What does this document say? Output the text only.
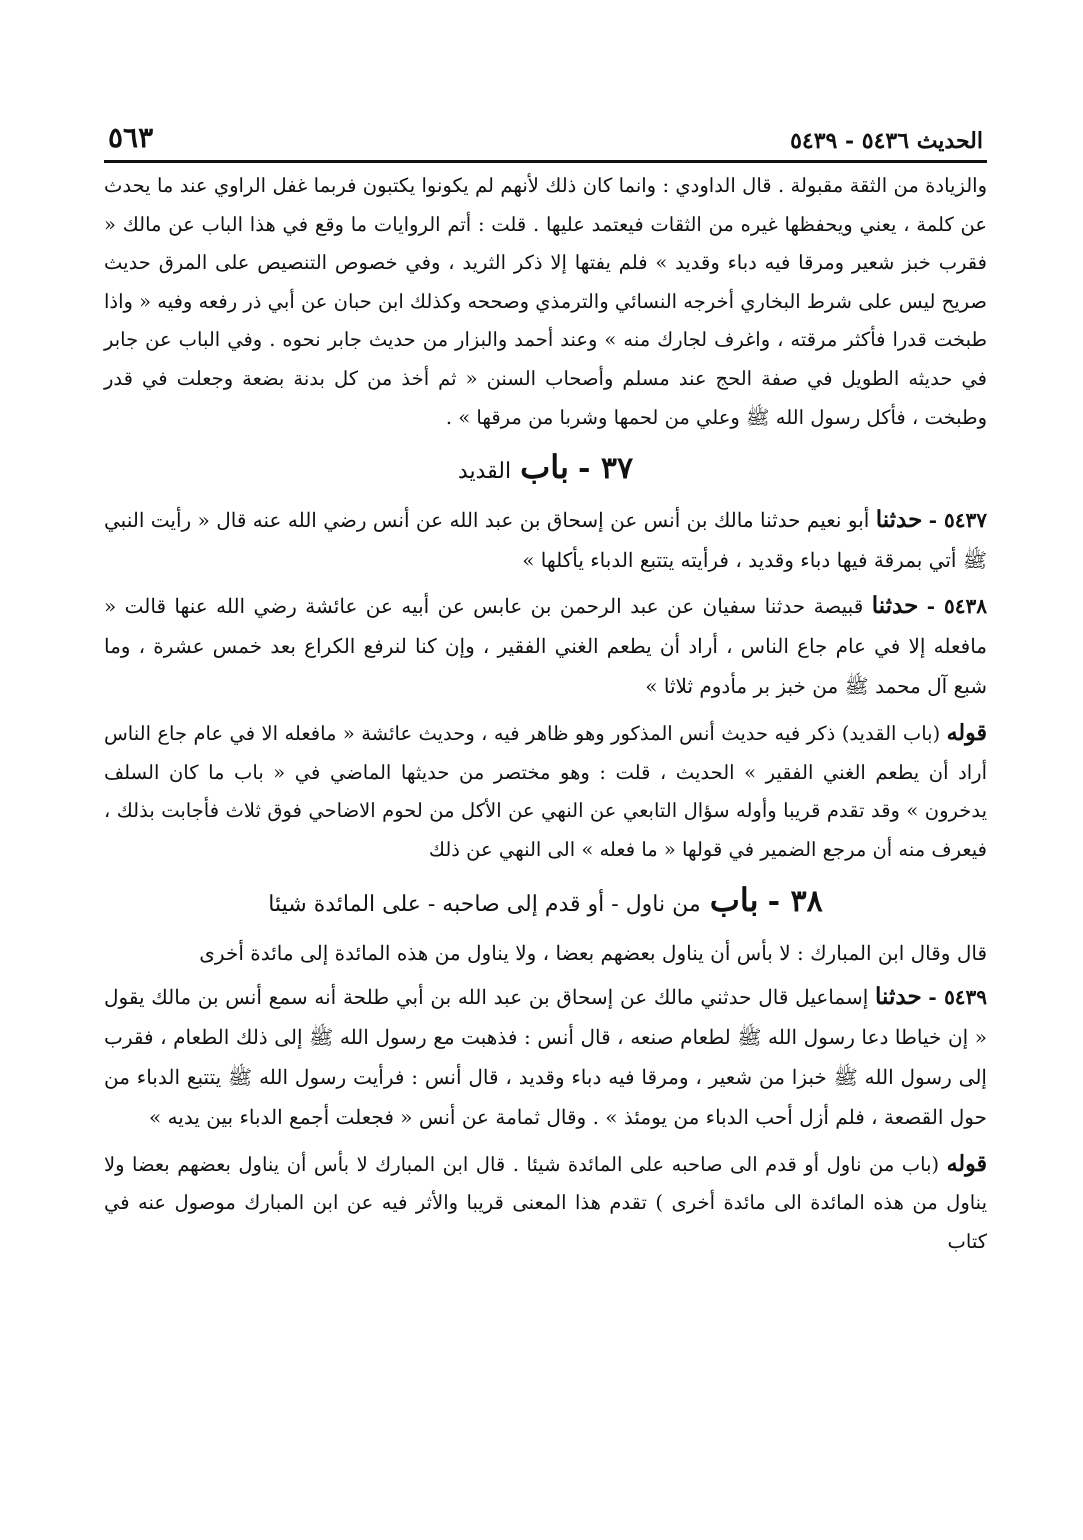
الحديث ٥٤٣٦ - ٥٤٣٩
٥٦٣

والزيادة من الثقة مقبولة . قال الداودي : وانما كان ذلك لأنهم لم يكونوا يكتبون فربما غفل الراوي عند ما يحدث عن كلمة ، يعني ويحفظها غيره من الثقات فيعتمد عليها . قلت : أتم الروايات ما وقع في هذا الباب عن مالك « فقرب خبز شعير ومرقا فيه دباء وقديد » فلم يفتها إلا ذكر الثريد ، وفي خصوص التنصيص على المرق حديث صريح ليس على شرط البخاري أخرجه النسائي والترمذي وصححه وكذلك ابن حبان عن أبي ذر رفعه وفيه « واذا طبخت قدرا فأكثر مرقته ، واغرف لجارك منه » وعند أحمد والبزار من حديث جابر نحوه . وفي الباب عن جابر في حديثه الطويل في صفة الحج عند مسلم وأصحاب السنن « ثم أخذ من كل بدنة بضعة وجعلت في قدر وطبخت ، فأكل رسول الله ﷺ وعلي من لحمها وشربا من مرقها » .

٣٧ - باب القديد

٥٤٣٧ - حدثنا أبو نعيم حدثنا مالك بن أنس عن إسحاق بن عبد الله عن أنس رضي الله عنه قال « رأيت النبي ﷺ أتي بمرقة فيها دباء وقديد ، فرأيته يتتبع الدباء يأكلها »

٥٤٣٨ - حدثنا قبيصة حدثنا سفيان عن عبد الرحمن بن عابس عن أبيه عن عائشة رضي الله عنها قالت « مافعله إلا في عام جاع الناس ، أراد أن يطعم الغني الفقير ، وإن كنا لنرفع الكراع بعد خمس عشرة ، وما شبع آل محمد ﷺ من خبز بر مأدوم ثلاثا »

قوله (باب القديد) ذكر فيه حديث أنس المذكور وهو ظاهر فيه ، وحديث عائشة « مافعله الا في عام جاع الناس أراد أن يطعم الغني الفقير » الحديث ، قلت : وهو مختصر من حديثها الماضي في « باب ما كان السلف يدخرون » وقد تقدم قريبا وأوله سؤال التابعي عن النهي عن الأكل من لحوم الاضاحي فوق ثلاث فأجابت بذلك ، فيعرف منه أن مرجع الضمير في قولها « ما فعله » الى النهي عن ذلك

٣٨ - باب من ناول - أو قدم إلى صاحبه - على المائدة شيئا

قال وقال ابن المبارك : لا بأس أن يناول بعضهم بعضا ، ولا يناول من هذه المائدة إلى مائدة أخرى

٥٤٣٩ - حدثنا إسماعيل قال حدثني مالك عن إسحاق بن عبد الله بن أبي طلحة أنه سمع أنس بن مالك يقول « إن خياطا دعا رسول الله ﷺ لطعام صنعه ، قال أنس : فذهبت مع رسول الله ﷺ إلى ذلك الطعام ، فقرب إلى رسول الله ﷺ خبزا من شعير ، ومرقا فيه دباء وقديد ، قال أنس : فرأيت رسول الله ﷺ يتتبع الدباء من حول القصعة ، فلم أزل أحب الدباء من يومئذ » . وقال ثمامة عن أنس « فجعلت أجمع الدباء بين يديه »

قوله (باب من ناول أو قدم الى صاحبه على المائدة شيئا . قال ابن المبارك لا بأس أن يناول بعضهم بعضا ولا يناول من هذه المائدة الى مائدة أخرى ) تقدم هذا المعنى قريبا والأثر فيه عن ابن المبارك موصول عنه في كتاب
